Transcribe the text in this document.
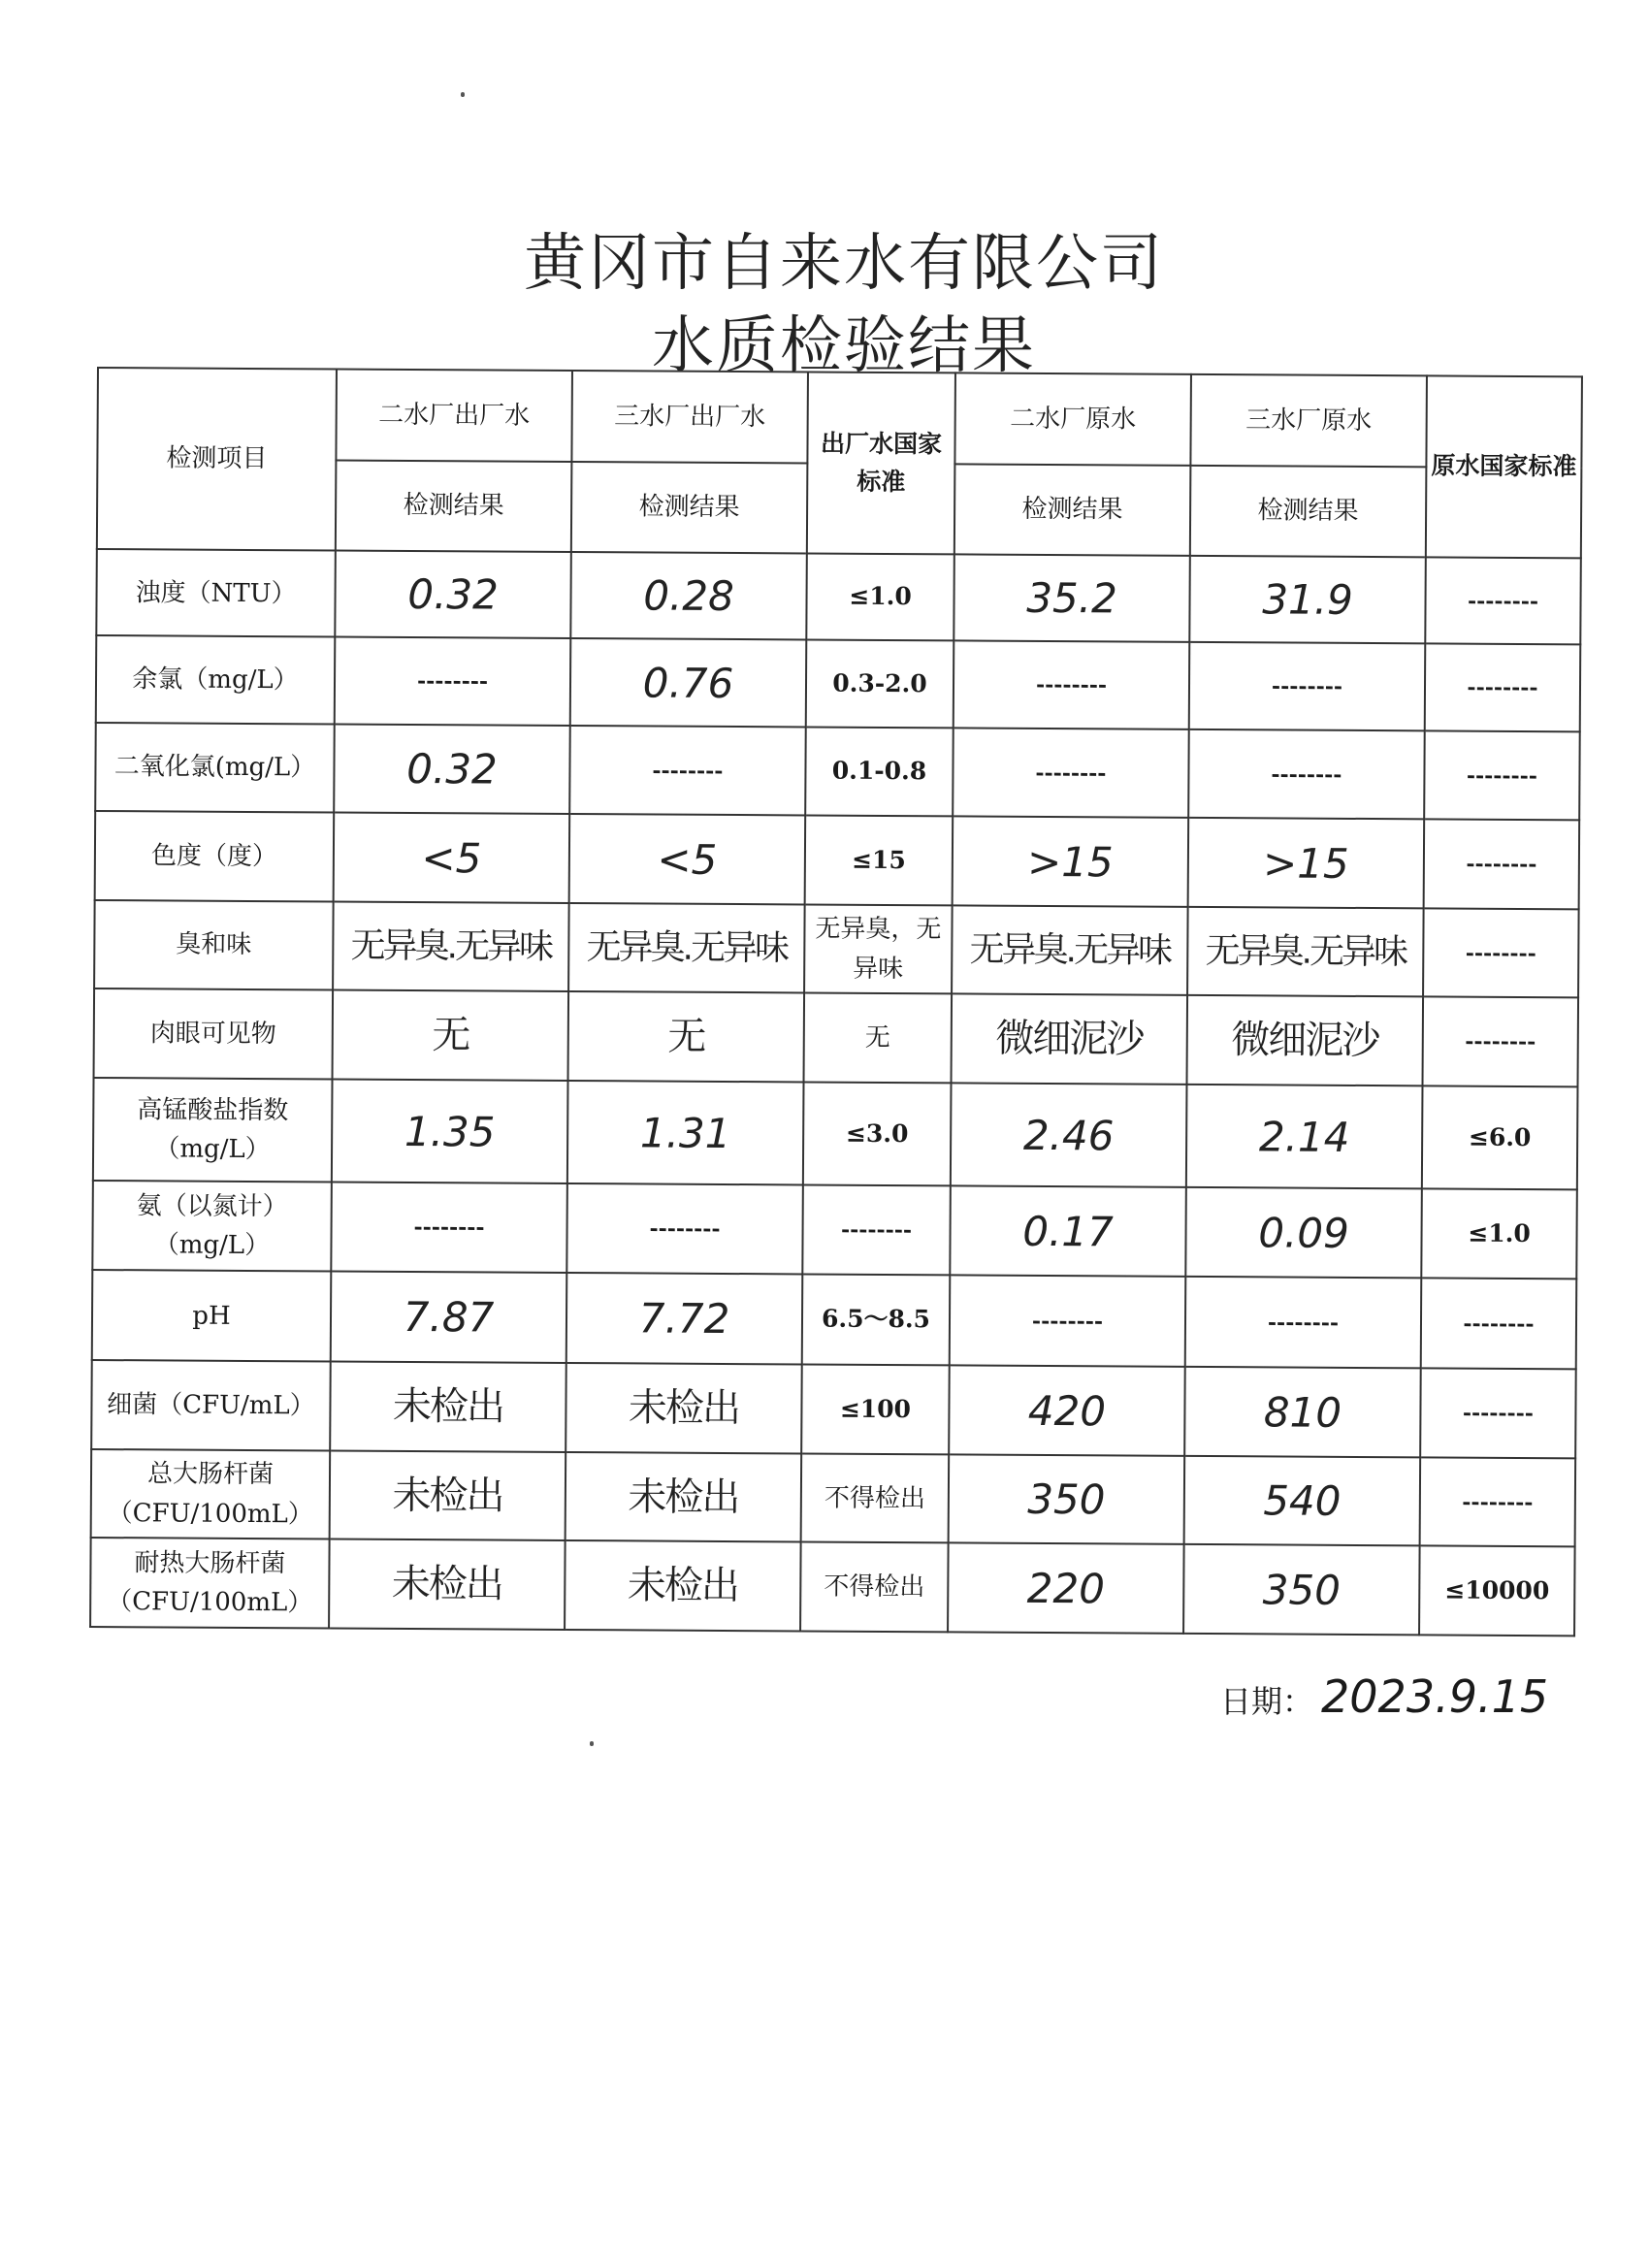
黄冈市自来水有限公司
水质检验结果
检测项目	二水厂出厂水	三水厂出厂水	出厂水国家标准	二水厂原水	三水厂原水	原水国家标准
	检测结果	检测结果		检测结果	检测结果	
浊度（NTU）	0.32	0.28	≤1.0	35.2	31.9	--------
余氯（mg/L）	--------	0.76	0.3-2.0	--------	--------	--------
二氧化氯(mg/L）	0.32	--------	0.1-0.8	--------	--------	--------
色度（度）	<5	<5	≤15	>15	>15	--------
臭和味	无异臭.无异味	无异臭.无异味	无异臭，无异味	无异臭.无异味	无异臭.无异味	--------
肉眼可见物	无	无	无	微细泥沙	微细泥沙	--------
高锰酸盐指数（mg/L）	1.35	1.31	≤3.0	2.46	2.14	≤6.0
氨（以氮计）（mg/L）	--------	--------	--------	0.17	0.09	≤1.0
pH	7.87	7.72	6.5～8.5	--------	--------	--------
细菌（CFU/mL）	未检出	未检出	≤100	420	810	--------
总大肠杆菌（CFU/100mL）	未检出	未检出	不得检出	350	540	--------
耐热大肠杆菌（CFU/100mL）	未检出	未检出	不得检出	220	350	≤10000
日期： 2023.9.15
